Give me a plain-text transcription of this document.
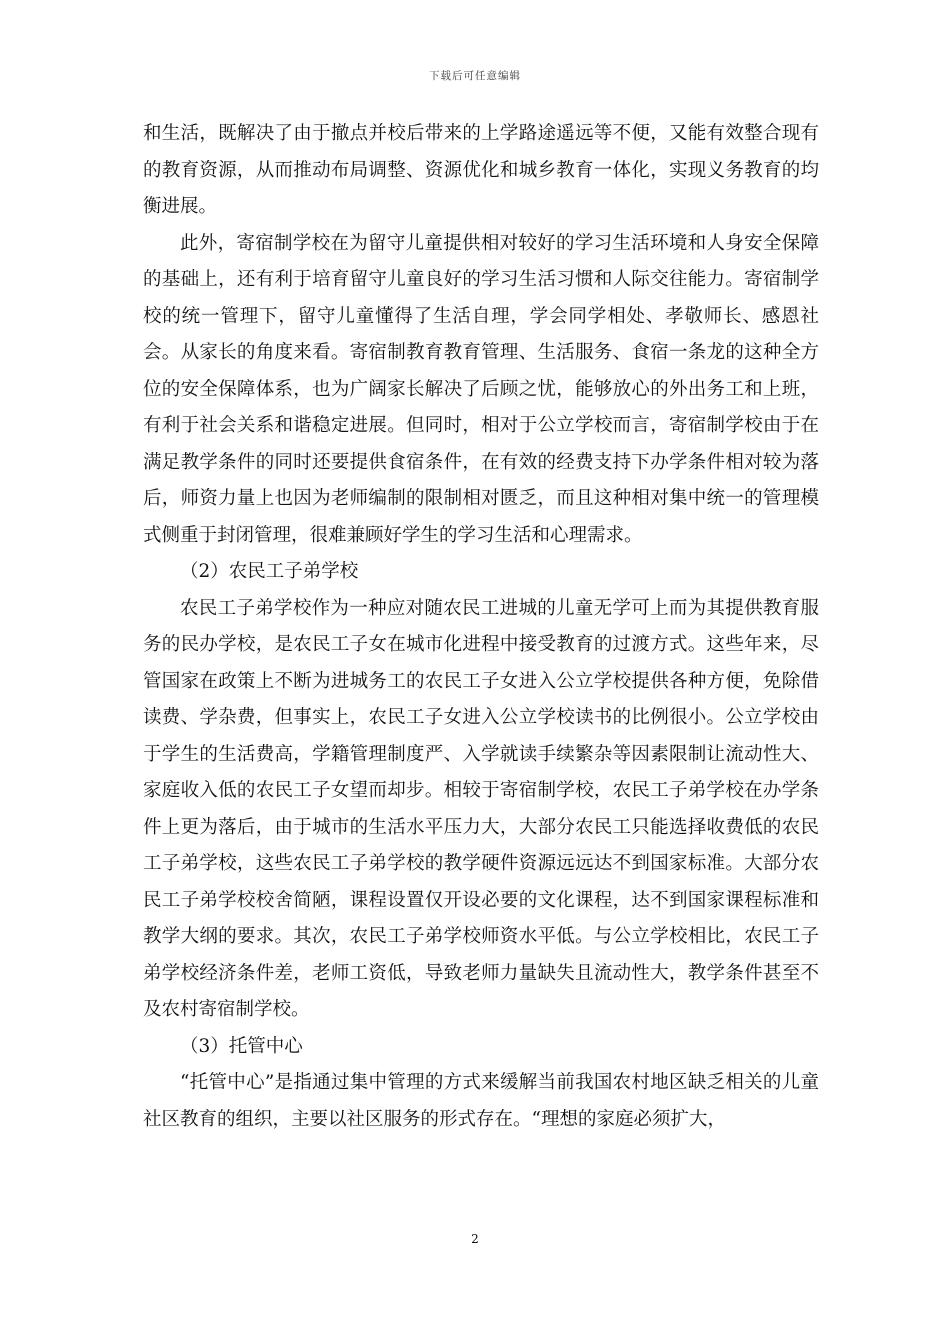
下载后可任意编辑

和生活，既解决了由于撤点并校后带来的上学路途遥远等不便，又能有效整合现有的教育资源，从而推动布局调整、资源优化和城乡教育一体化，实现义务教育的均衡进展。

此外，寄宿制学校在为留守儿童提供相对较好的学习生活环境和人身安全保障的基础上，还有利于培育留守儿童良好的学习生活习惯和人际交往能力。寄宿制学校的统一管理下，留守儿童懂得了生活自理，学会同学相处、孝敬师长、感恩社会。从家长的角度来看。寄宿制教育教育管理、生活服务、食宿一条龙的这种全方位的安全保障体系，也为广阔家长解决了后顾之忧，能够放心的外出务工和上班，有利于社会关系和谐稳定进展。但同时，相对于公立学校而言，寄宿制学校由于在满足教学条件的同时还要提供食宿条件，在有效的经费支持下办学条件相对较为落后，师资力量上也因为老师编制的限制相对匮乏，而且这种相对集中统一的管理模式侧重于封闭管理，很难兼顾好学生的学习生活和心理需求。

（2）农民工子弟学校

农民工子弟学校作为一种应对随农民工进城的儿童无学可上而为其提供教育服务的民办学校，是农民工子女在城市化进程中接受教育的过渡方式。这些年来，尽管国家在政策上不断为进城务工的农民工子女进入公立学校提供各种方便，免除借读费、学杂费，但事实上，农民工子女进入公立学校读书的比例很小。公立学校由于学生的生活费高，学籍管理制度严、入学就读手续繁杂等因素限制让流动性大、家庭收入低的农民工子女望而却步。相较于寄宿制学校，农民工子弟学校在办学条件上更为落后，由于城市的生活水平压力大，大部分农民工只能选择收费低的农民工子弟学校，这些农民工子弟学校的教学硬件资源远远达不到国家标准。大部分农民工子弟学校校舍简陋，课程设置仅开设必要的文化课程，达不到国家课程标准和教学大纲的要求。其次，农民工子弟学校师资水平低。与公立学校相比，农民工子弟学校经济条件差，老师工资低，导致老师力量缺失且流动性大，教学条件甚至不及农村寄宿制学校。

（3）托管中心

“托管中心”是指通过集中管理的方式来缓解当前我国农村地区缺乏相关的儿童社区教育的组织，主要以社区服务的形式存在。“理想的家庭必须扩大，

2
